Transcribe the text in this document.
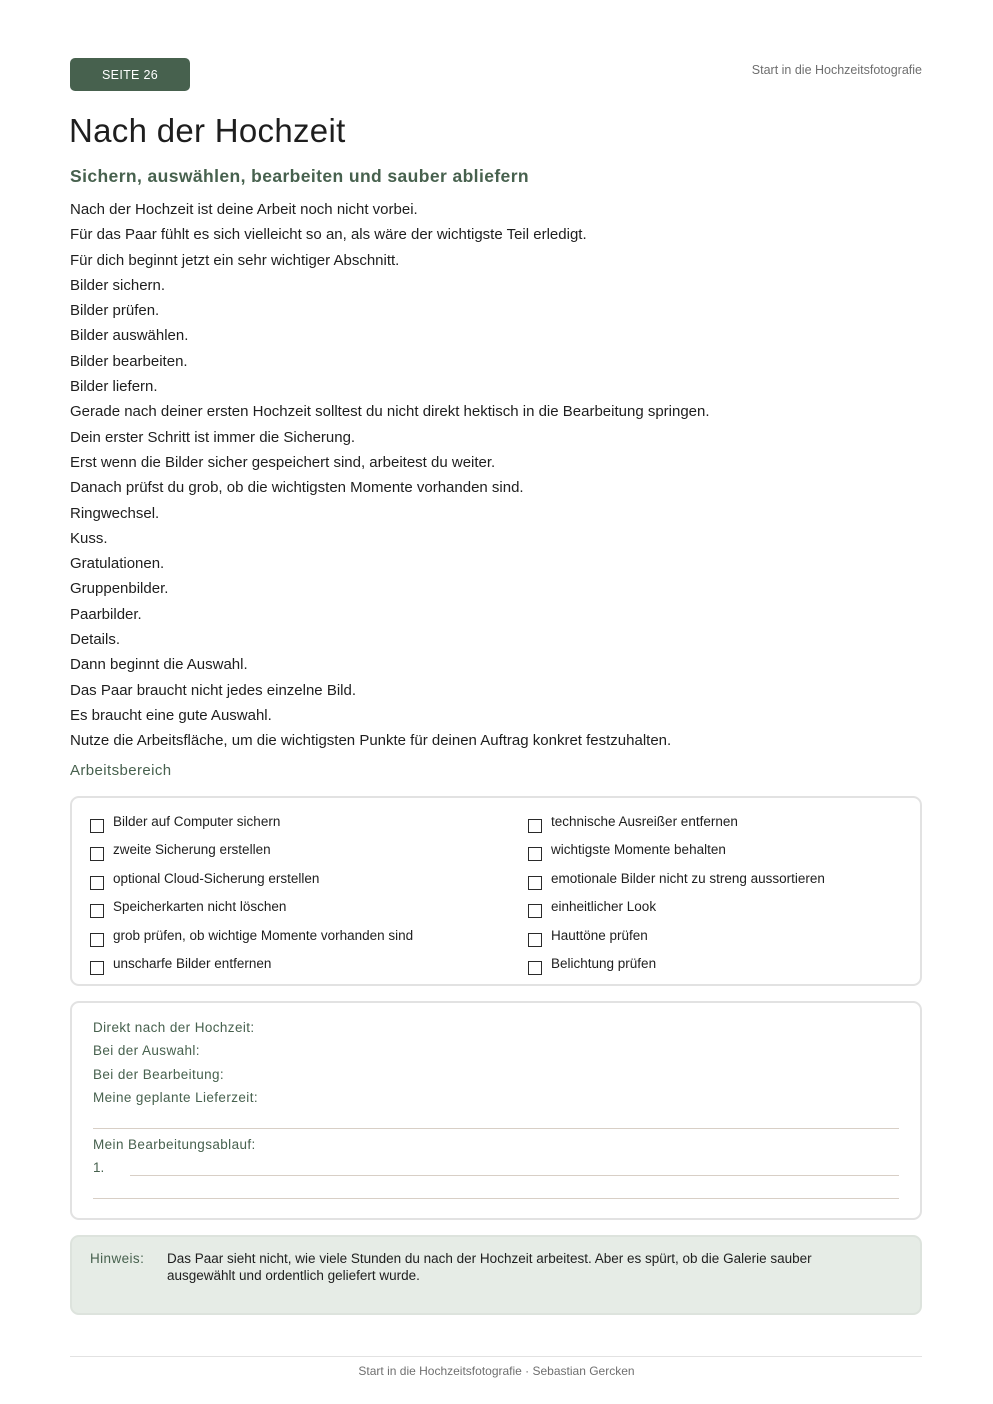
SEITE 26	Start in die Hochzeitsfotografie
Nach der Hochzeit
Sichern, auswählen, bearbeiten und sauber abliefern
Nach der Hochzeit ist deine Arbeit noch nicht vorbei.
Für das Paar fühlt es sich vielleicht so an, als wäre der wichtigste Teil erledigt.
Für dich beginnt jetzt ein sehr wichtiger Abschnitt.
Bilder sichern.
Bilder prüfen.
Bilder auswählen.
Bilder bearbeiten.
Bilder liefern.
Gerade nach deiner ersten Hochzeit solltest du nicht direkt hektisch in die Bearbeitung springen.
Dein erster Schritt ist immer die Sicherung.
Erst wenn die Bilder sicher gespeichert sind, arbeitest du weiter.
Danach prüfst du grob, ob die wichtigsten Momente vorhanden sind.
Ringwechsel.
Kuss.
Gratulationen.
Gruppenbilder.
Paarbilder.
Details.
Dann beginnt die Auswahl.
Das Paar braucht nicht jedes einzelne Bild.
Es braucht eine gute Auswahl.
Nutze die Arbeitsfläche, um die wichtigsten Punkte für deinen Auftrag konkret festzuhalten.
Arbeitsbereich
Bilder auf Computer sichern
zweite Sicherung erstellen
optional Cloud-Sicherung erstellen
Speicherkarten nicht löschen
grob prüfen, ob wichtige Momente vorhanden sind
unscharfe Bilder entfernen
technische Ausreißer entfernen
wichtigste Momente behalten
emotionale Bilder nicht zu streng aussortieren
einheitlicher Look
Hauttöne prüfen
Belichtung prüfen
Direkt nach der Hochzeit:
Bei der Auswahl:
Bei der Bearbeitung:
Meine geplante Lieferzeit:
Mein Bearbeitungsablauf:
1.
Hinweis: Das Paar sieht nicht, wie viele Stunden du nach der Hochzeit arbeitest. Aber es spürt, ob die Galerie sauber ausgewählt und ordentlich geliefert wurde.
Start in die Hochzeitsfotografie · Sebastian Gercken
